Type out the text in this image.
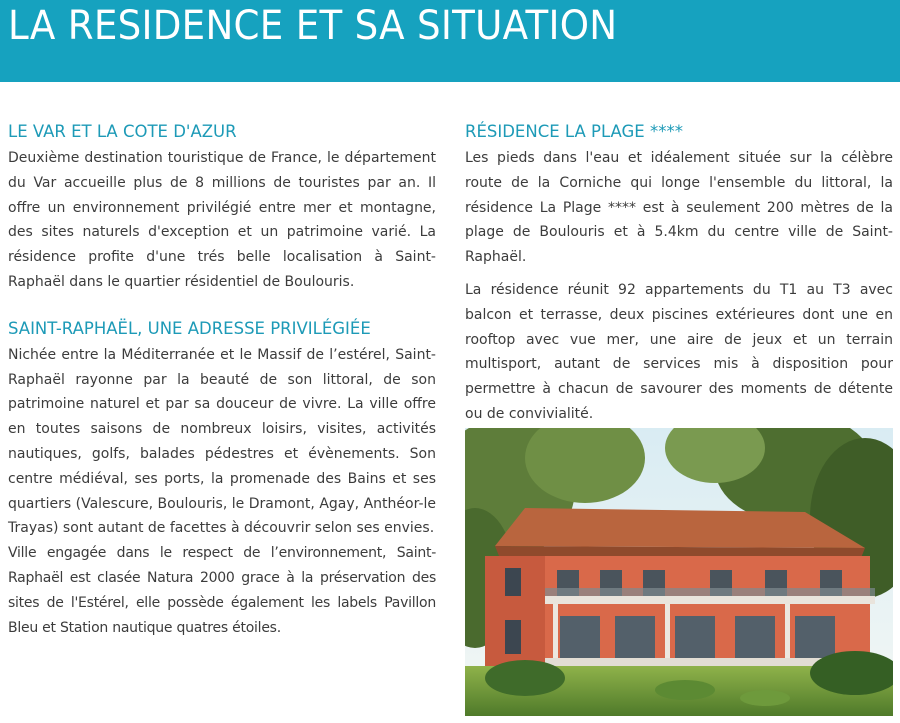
LA RESIDENCE ET SA SITUATION
LE VAR ET LA COTE D'AZUR

Deuxième destination touristique de France, le département du Var accueille plus de 8 millions de touristes par an. Il offre un environnement privilégié entre mer et montagne, des sites naturels d'exception et un patrimoine varié. La résidence profite d'une trés belle localisation à Saint-Raphaël dans le quartier résidentiel de Boulouris.

SAINT-RAPHAËL, UNE ADRESSE PRIVILÉGIÉE

Nichée entre la Méditerranée et le Massif de l’estérel, Saint-Raphaël rayonne par la beauté de son littoral, de son patrimoine naturel et par sa douceur de vivre. La ville offre en toutes saisons de nombreux loisirs, visites, activités nautiques, golfs, balades pédestres et évènements. Son centre médiéval, ses ports, la promenade des Bains et ses quartiers (Valescure, Boulouris, le Dramont, Agay, Anthéor-le Trayas) sont autant de facettes à découvrir selon ses envies.

Ville engagée dans le respect de l’environnement, Saint-Raphaël est clasée Natura 2000 grace à la préservation des sites de l'Estérel, elle possède également les labels Pavillon Bleu et Station nautique quatres étoiles.

RÉSIDENCE LA PLAGE ****

Les pieds dans l'eau et idéalement située sur la célèbre route de la Corniche qui longe l'ensemble du littoral, la résidence La Plage **** est à seulement 200 mètres de la plage de Boulouris et à 5.4km du centre ville de Saint-Raphaël.

La résidence réunit 92 appartements du T1 au T3 avec balcon et terrasse, deux piscines extérieures dont une en rooftop avec vue mer, une aire de jeux et un terrain multisport, autant de services mis à disposition pour permettre à chacun de savourer des moments de détente ou de convivialité.
